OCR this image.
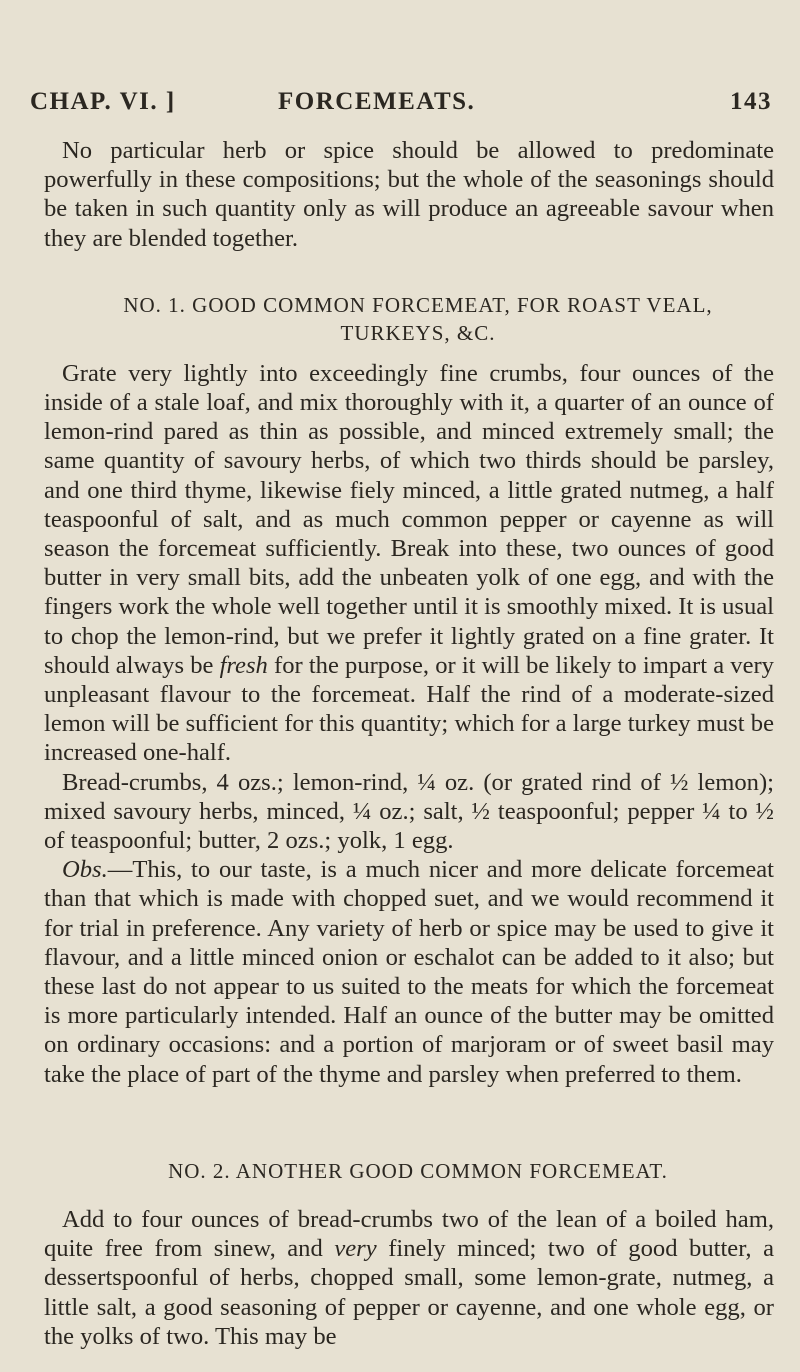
CHAP. VI. ]	FORCEMEATS.	143

No particular herb or spice should be allowed to predominate powerfully in these compositions; but the whole of the seasonings should be taken in such quantity only as will produce an agreeable savour when they are blended together.

NO. 1. GOOD COMMON FORCEMEAT, FOR ROAST VEAL,

TURKEYS, &C.

Grate very lightly into exceedingly fine crumbs, four ounces of the inside of a stale loaf, and mix thoroughly with it, a quarter of an ounce of lemon-rind pared as thin as possible, and minced extremely small; the same quantity of savoury herbs, of which two thirds should be parsley, and one third thyme, likewise fiely minced, a little grated nutmeg, a half teaspoonful of salt, and as much common pepper or cayenne as will season the forcemeat sufficiently. Break into these, two ounces of good butter in very small bits, add the unbeaten yolk of one egg, and with the fingers work the whole well together until it is smoothly mixed. It is usual to chop the lemon-rind, but we prefer it lightly grated on a fine grater. It should always be fresh for the purpose, or it will be likely to impart a very unpleasant flavour to the forcemeat. Half the rind of a moderate-sized lemon will be sufficient for this quantity; which for a large turkey must be increased one-half.

Bread-crumbs, 4 ozs.; lemon-rind, ¼ oz. (or grated rind of ½ lemon); mixed savoury herbs, minced, ¼ oz.; salt, ½ teaspoonful; pepper ¼ to ½ of teaspoonful; butter, 2 ozs.; yolk, 1 egg.

Obs.—This, to our taste, is a much nicer and more delicate forcemeat than that which is made with chopped suet, and we would recommend it for trial in preference. Any variety of herb or spice may be used to give it flavour, and a little minced onion or eschalot can be added to it also; but these last do not appear to us suited to the meats for which the forcemeat is more particularly intended. Half an ounce of the butter may be omitted on ordinary occasions: and a portion of marjoram or of sweet basil may take the place of part of the thyme and parsley when preferred to them.

NO. 2. ANOTHER GOOD COMMON FORCEMEAT.

Add to four ounces of bread-crumbs two of the lean of a boiled ham, quite free from sinew, and very finely minced; two of good butter, a dessertspoonful of herbs, chopped small, some lemon-grate, nutmeg, a little salt, a good seasoning of pepper or cayenne, and one whole egg, or the yolks of two. This may be
